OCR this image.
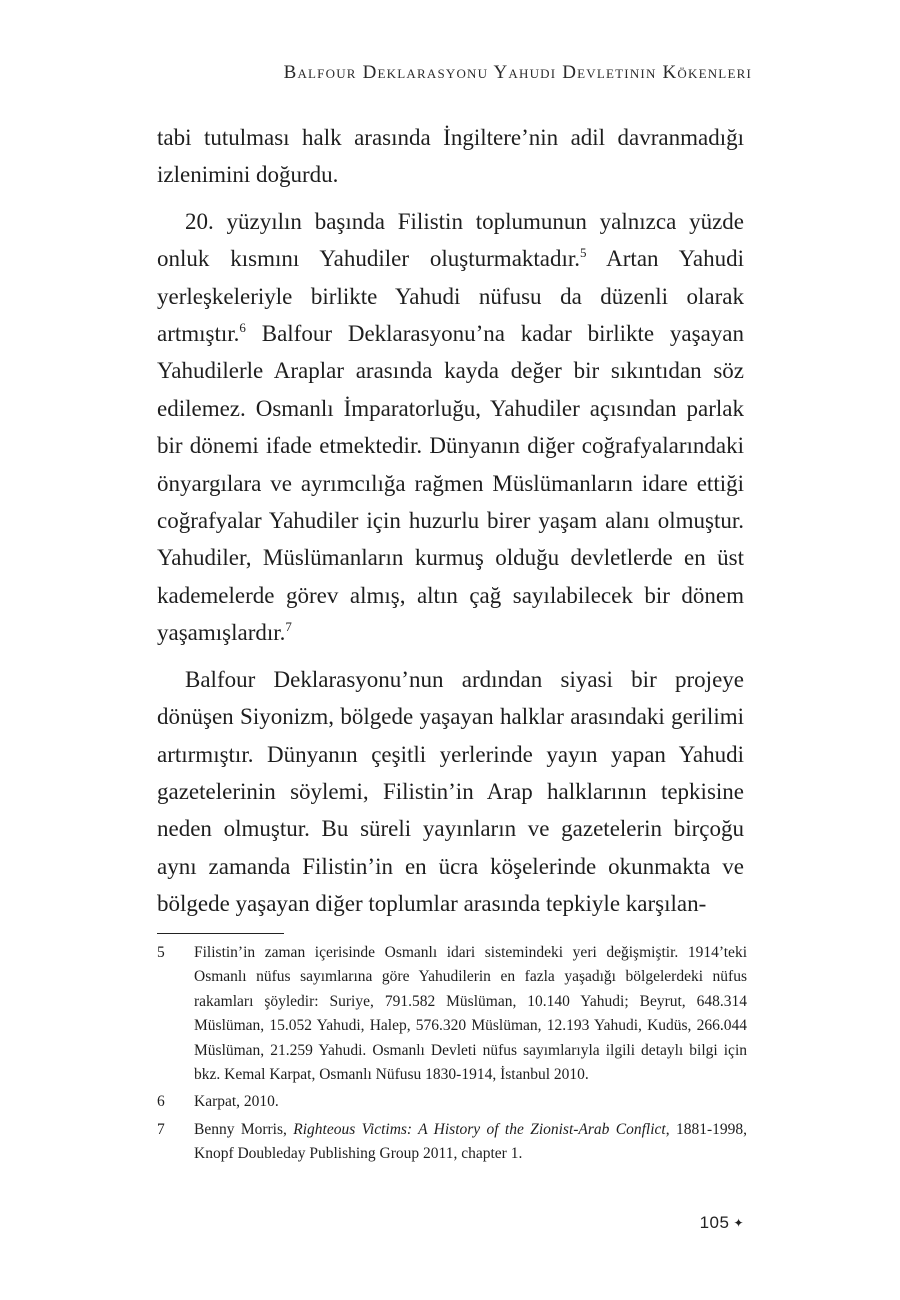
Balfour Deklarasyonu Yahudi Devletinin Kökenleri

tabi tutulması halk arasında İngiltere’nin adil davranmadığı izlenimini doğurdu.

20. yüzyılın başında Filistin toplumunun yalnızca yüzde onluk kısmını Yahudiler oluşturmaktadır.$^5$ Artan Yahudi yerleşkeleriyle birlikte Yahudi nüfusu da düzenli olarak artmıştır.$^6$ Balfour Deklarasyonu’na kadar birlikte yaşayan Yahudilerle Araplar arasında kayda değer bir sıkıntıdan söz edilemez. Osmanlı İmparatorluğu, Yahudiler açısından parlak bir dönemi ifade etmektedir. Dünyanın diğer coğrafyalarındaki önyargılara ve ayrımcılığa rağmen Müslümanların idare ettiği coğrafyalar Yahudiler için huzurlu birer yaşam alanı olmuştur. Yahudiler, Müslümanların kurmuş olduğu devletlerde en üst kademelerde görev almış, altın çağ sayılabilecek bir dönem yaşamışlardır.$^7$

Balfour Deklarasyonu’nun ardından siyasi bir projeye dönüşen Siyonizm, bölgede yaşayan halklar arasındaki gerilimi artırmıştır. Dünyanın çeşitli yerlerinde yayın yapan Yahudi gazetelerinin söylemi, Filistin’in Arap halklarının tepkisine neden olmuştur. Bu süreli yayınların ve gazetelerin birçoğu aynı zamanda Filistin’in en ücra köşelerinde okunmakta ve bölgede yaşayan diğer toplumlar arasında tepkiyle karşılan-

5	Filistin’in zaman içerisinde Osmanlı idari sistemindeki yeri değişmiştir. 1914’teki Osmanlı nüfus sayımlarına göre Yahudilerin en fazla yaşadığı bölgelerdeki nüfus rakamları şöyledir: Suriye, 791.582 Müslüman, 10.140 Yahudi; Beyrut, 648.314 Müslüman, 15.052 Yahudi, Halep, 576.320 Müslüman, 12.193 Yahudi, Kudüs, 266.044 Müslüman, 21.259 Yahudi. Osmanlı Devleti nüfus sayımlarıyla ilgili detaylı bilgi için bkz. Kemal Karpat, Osmanlı Nüfusu 1830-1914, İstanbul 2010.
6	Karpat, 2010.
7	Benny Morris, Righteous Victims: A History of the Zionist-Arab Conflict, 1881-1998, Knopf Doubleday Publishing Group 2011, chapter 1.
105 ✦
